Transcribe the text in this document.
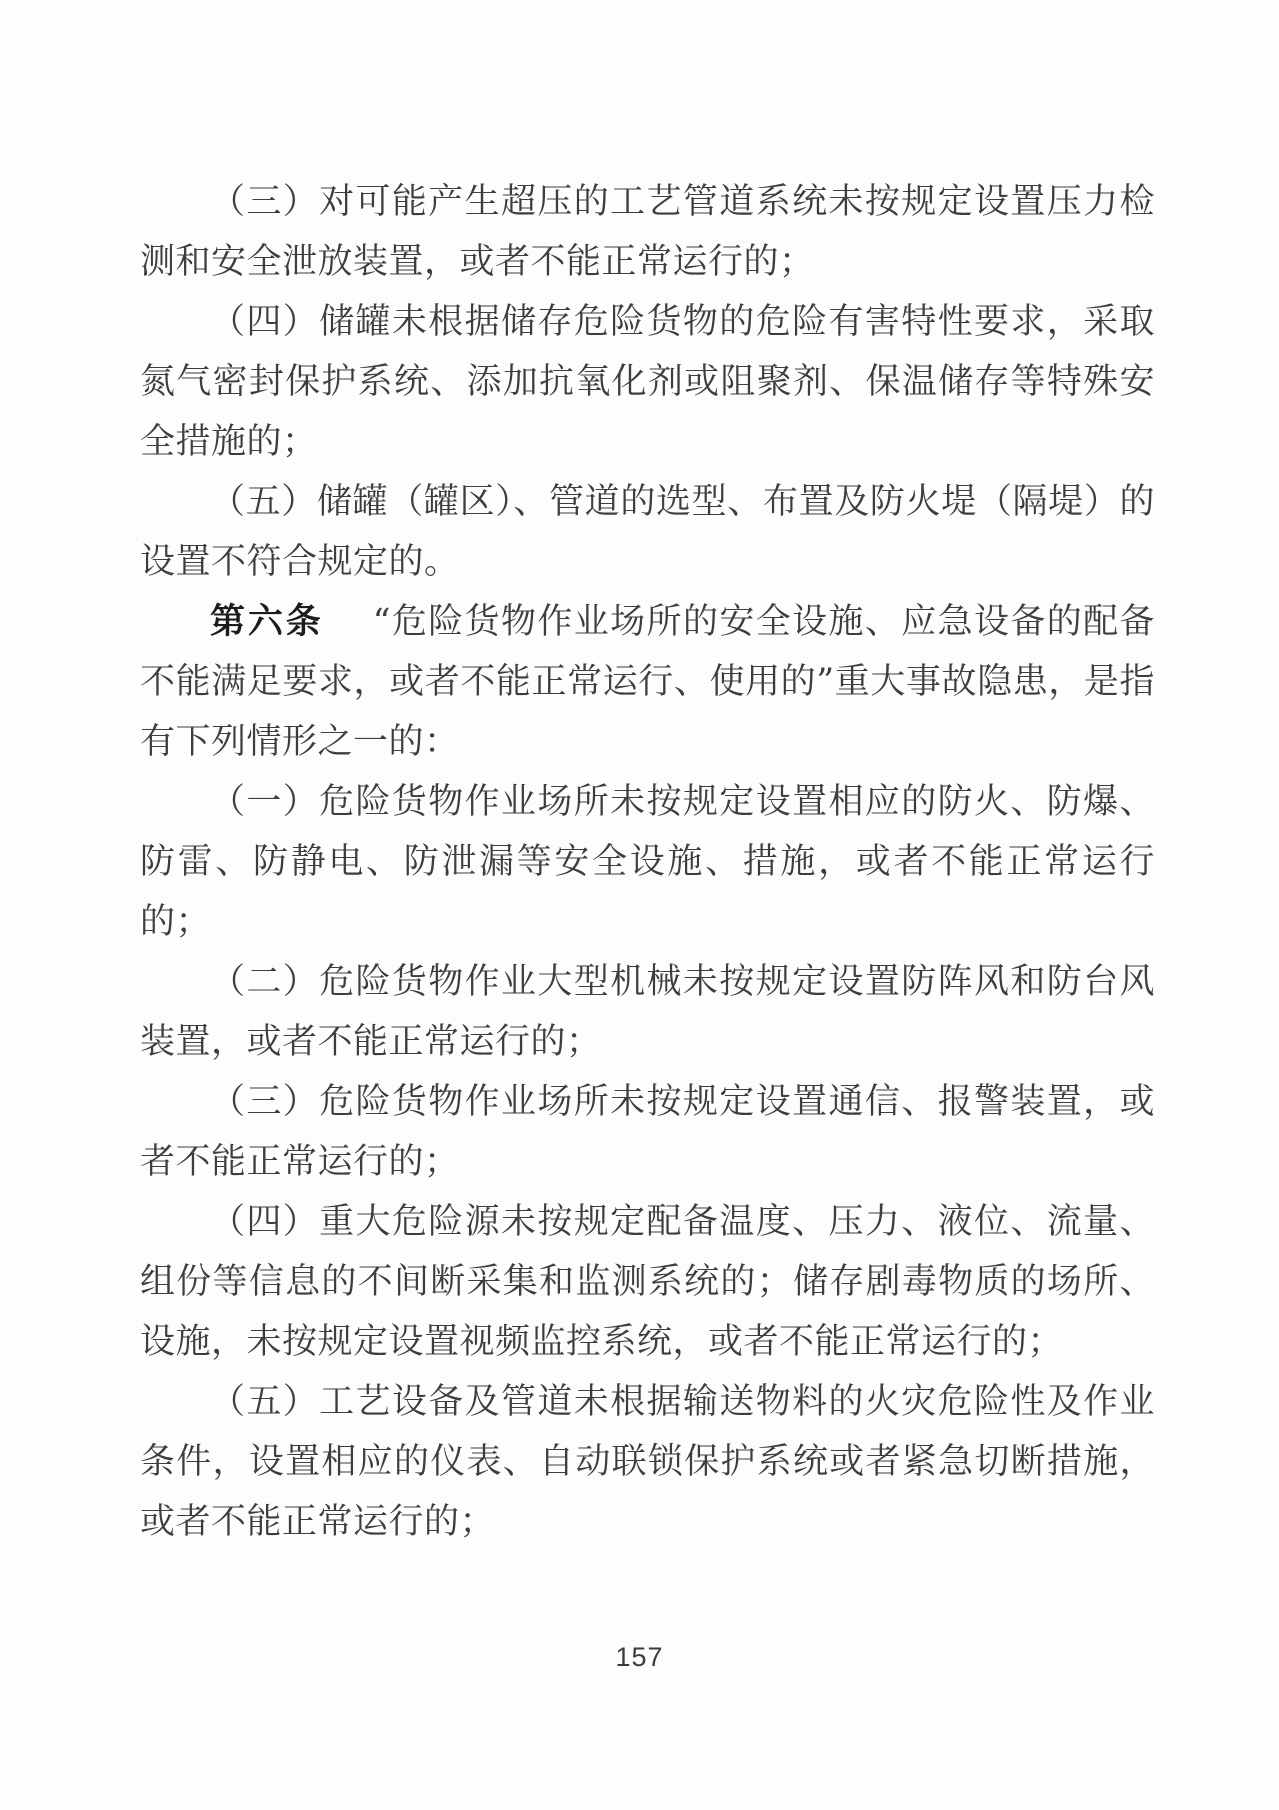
（三）对可能产生超压的工艺管道系统未按规定设置压力检测和安全泄放装置，或者不能正常运行的；

（四）储罐未根据储存危险货物的危险有害特性要求，采取氮气密封保护系统、添加抗氧化剂或阻聚剂、保温储存等特殊安全措施的；

（五）储罐（罐区）、管道的选型、布置及防火堤（隔堤）的设置不符合规定的。

第六条 “危险货物作业场所的安全设施、应急设备的配备不能满足要求，或者不能正常运行、使用的”重大事故隐患，是指有下列情形之一的：

（一）危险货物作业场所未按规定设置相应的防火、防爆、防雷、防静电、防泄漏等安全设施、措施，或者不能正常运行的；

（二）危险货物作业大型机械未按规定设置防阵风和防台风装置，或者不能正常运行的；

（三）危险货物作业场所未按规定设置通信、报警装置，或者不能正常运行的；

（四）重大危险源未按规定配备温度、压力、液位、流量、组份等信息的不间断采集和监测系统的；储存剧毒物质的场所、设施，未按规定设置视频监控系统，或者不能正常运行的；

（五）工艺设备及管道未根据输送物料的火灾危险性及作业条件，设置相应的仪表、自动联锁保护系统或者紧急切断措施，或者不能正常运行的；

157
